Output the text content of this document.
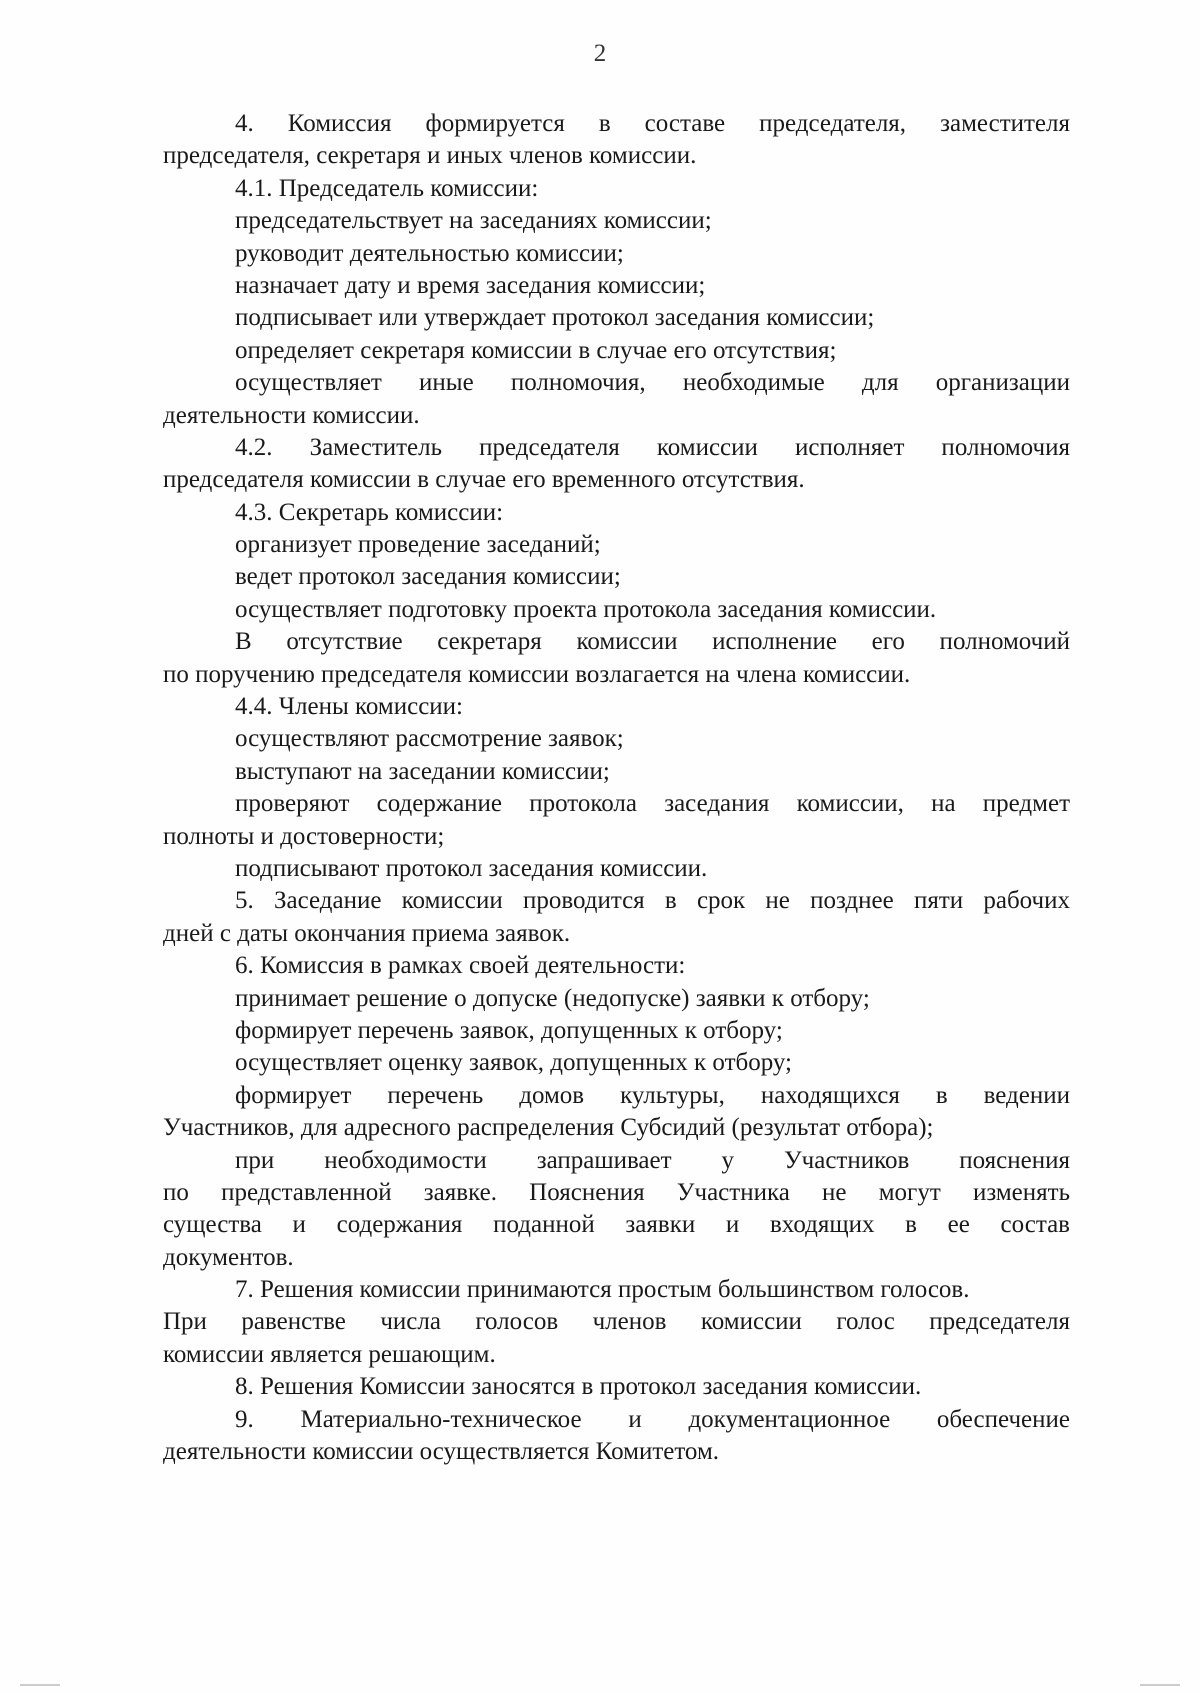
2
4. Комиссия формируется в составе председателя, заместителя
председателя, секретаря и иных членов комиссии.
4.1. Председатель комиссии:
председательствует на заседаниях комиссии;
руководит деятельностью комиссии;
назначает дату и время заседания комиссии;
подписывает или утверждает протокол заседания комиссии;
определяет секретаря комиссии в случае его отсутствия;
осуществляет иные полномочия, необходимые для организации
деятельности комиссии.
4.2. Заместитель председателя комиссии исполняет полномочия
председателя комиссии в случае его временного отсутствия.
4.3. Секретарь комиссии:
организует проведение заседаний;
ведет протокол заседания комиссии;
осуществляет подготовку проекта протокола заседания комиссии.
В отсутствие секретаря комиссии исполнение его полномочий
по поручению председателя комиссии возлагается на члена комиссии.
4.4. Члены комиссии:
осуществляют рассмотрение заявок;
выступают на заседании комиссии;
проверяют содержание протокола заседания комиссии, на предмет
полноты и достоверности;
подписывают протокол заседания комиссии.
5. Заседание комиссии проводится в срок не позднее пяти рабочих
дней с даты окончания приема заявок.
6. Комиссия в рамках своей деятельности:
принимает решение о допуске (недопуске) заявки к отбору;
формирует перечень заявок, допущенных к отбору;
осуществляет оценку заявок, допущенных к отбору;
формирует перечень домов культуры, находящихся в ведении
Участников, для адресного распределения Субсидий (результат отбора);
при необходимости запрашивает у Участников пояснения
по представленной заявке. Пояснения Участника не могут изменять
существа и содержания поданной заявки и входящих в ее состав
документов.
7. Решения комиссии принимаются простым большинством голосов.
При равенстве числа голосов членов комиссии голос председателя
комиссии является решающим.
8. Решения Комиссии заносятся в протокол заседания комиссии.
9. Материально-техническое и документационное обеспечение
деятельности комиссии осуществляется Комитетом.
